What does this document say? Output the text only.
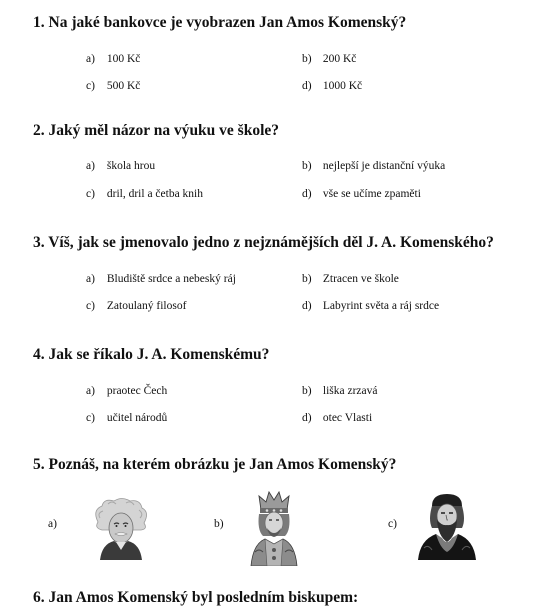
1. Na jaké bankovce je vyobrazen Jan Amos Komenský?
a) 100 Kč	b) 200 Kč
c) 500 Kč	d) 1000 Kč
2. Jaký měl názor na výuku ve škole?
a) škola hrou	b) nejlepší je distanční výuka
c) dril, dril a četba knih	d) vše se učíme zpaměti
3. Víš, jak se jmenovalo jedno z nejznámějších děl J. A. Komenského?
a) Bludiště srdce a nebeský ráj	b) Ztracen ve škole
c) Zatoulaný filosof	d) Labyrint světa a ráj srdce
4. Jak se říkalo J. A. Komenskému?
a) praotec Čech	b) liška zrzavá
c) učitel národů	d) otec Vlasti
5. Poznáš, na kterém obrázku je Jan Amos Komenský?
a)	b)	c)
6. Jan Amos Komenský byl posledním biskupem:
